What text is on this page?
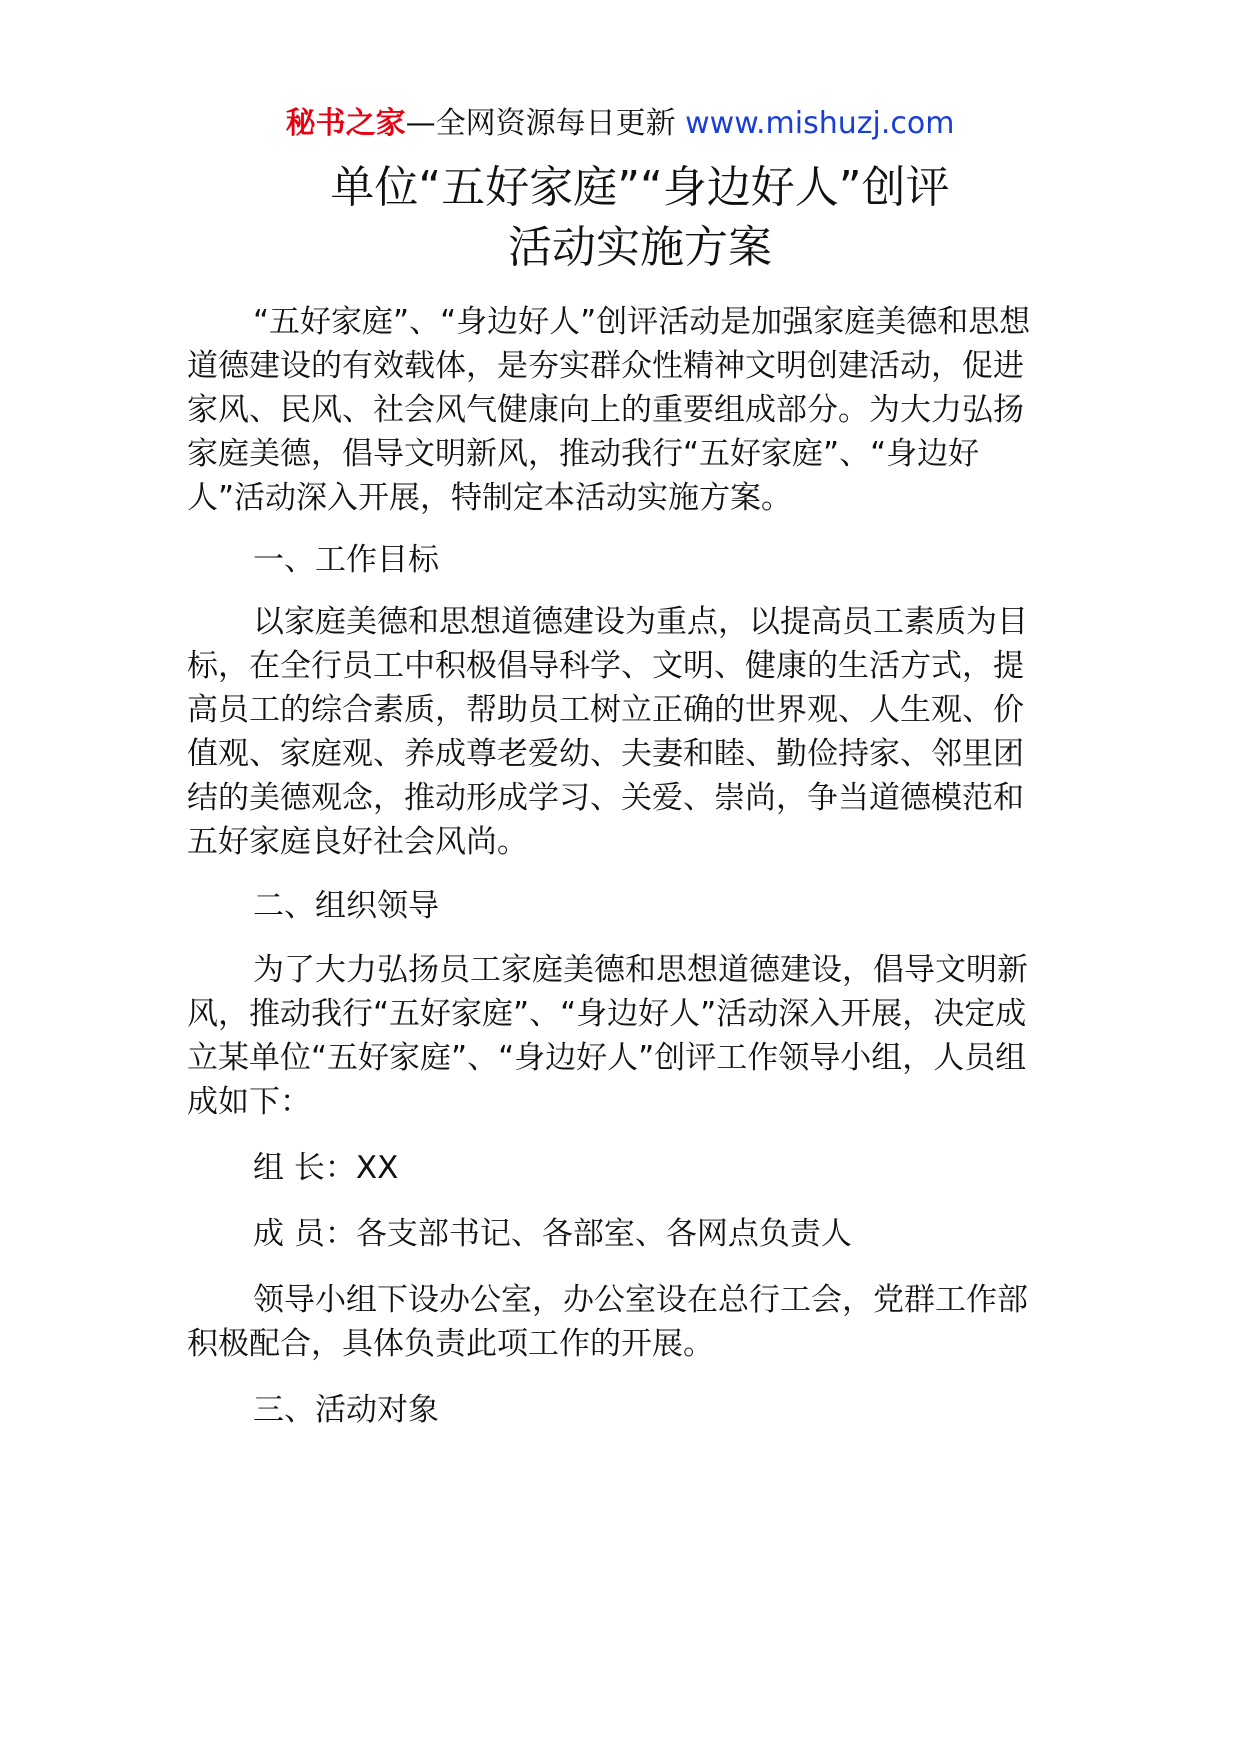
秘书之家—全网资源每日更新 www.mishuzj.com
单位“五好家庭”“身边好人”创评
活动实施方案

“五好家庭”、“身边好人”创评活动是加强家庭美德和思想道德建设的有效载体，是夯实群众性精神文明创建活动，促进家风、民风、社会风气健康向上的重要组成部分。为大力弘扬家庭美德，倡导文明新风，推动我行“五好家庭”、“身边好人”活动深入开展，特制定本活动实施方案。

一、工作目标

以家庭美德和思想道德建设为重点，以提高员工素质为目标，在全行员工中积极倡导科学、文明、健康的生活方式，提高员工的综合素质，帮助员工树立正确的世界观、人生观、价值观、家庭观、养成尊老爱幼、夫妻和睦、勤俭持家、邻里团结的美德观念，推动形成学习、关爱、崇尚，争当道德模范和五好家庭良好社会风尚。

二、组织领导

为了大力弘扬员工家庭美德和思想道德建设，倡导文明新风，推动我行“五好家庭”、“身边好人”活动深入开展，决定成立某单位“五好家庭”、“身边好人”创评工作领导小组，人员组成如下：

组 长：XX

成 员：各支部书记、各部室、各网点负责人

领导小组下设办公室，办公室设在总行工会，党群工作部积极配合，具体负责此项工作的开展。

三、活动对象
